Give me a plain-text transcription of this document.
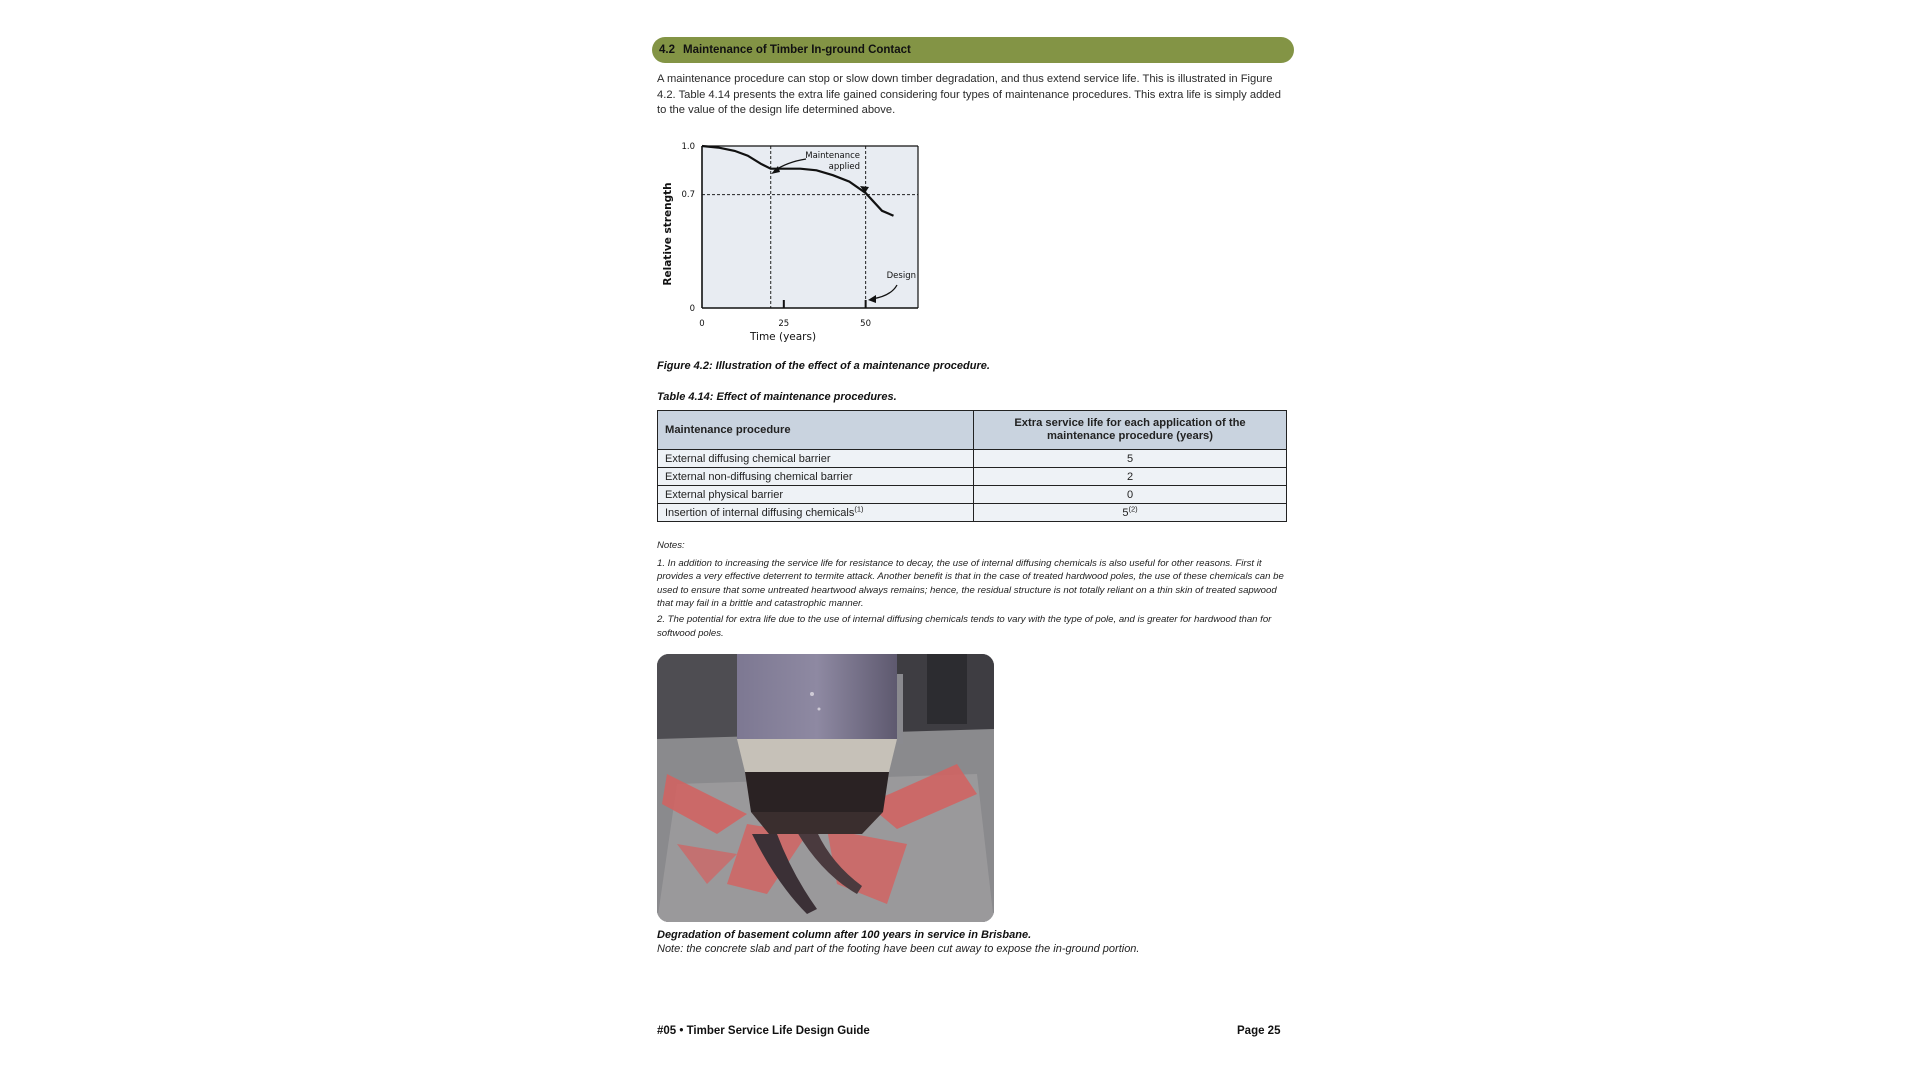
4.2 Maintenance of Timber In-ground Contact
A maintenance procedure can stop or slow down timber degradation, and thus extend service life. This is illustrated in Figure 4.2. Table 4.14 presents the extra life gained considering four types of maintenance procedures. This extra life is simply added to the value of the design life determined above.
1.0
0.7
0
0	25	50
Time (years)
Relative strength
Maintenance
applied
Design
Figure 4.2: Illustration of the effect of a maintenance procedure.
Table 4.14: Effect of maintenance procedures.
Maintenance procedure	Extra service life for each application of the maintenance procedure (years)
External diffusing chemical barrier	5
External non-diffusing chemical barrier	2
External physical barrier	0
Insertion of internal diffusing chemicals$^{(1)}$	5$^{(2)}$

Notes:

1. In addition to increasing the service life for resistance to decay, the use of internal diffusing chemicals is also useful for other reasons. First it provides a very effective deterrent to termite attack. Another benefit is that in the case of treated hardwood poles, the use of these chemicals can be used to ensure that some untreated heartwood always remains; hence, the residual structure is not totally reliant on a thin skin of treated sapwood that may fail in a brittle and catastrophic manner.

2. The potential for extra life due to the use of internal diffusing chemicals tends to vary with the type of pole, and is greater for hardwood than for softwood poles.

Degradation of basement column after 100 years in service in Brisbane.
Note: the concrete slab and part of the footing have been cut away to expose the in-ground portion.
#05 • Timber Service Life Design Guide	Page 25
